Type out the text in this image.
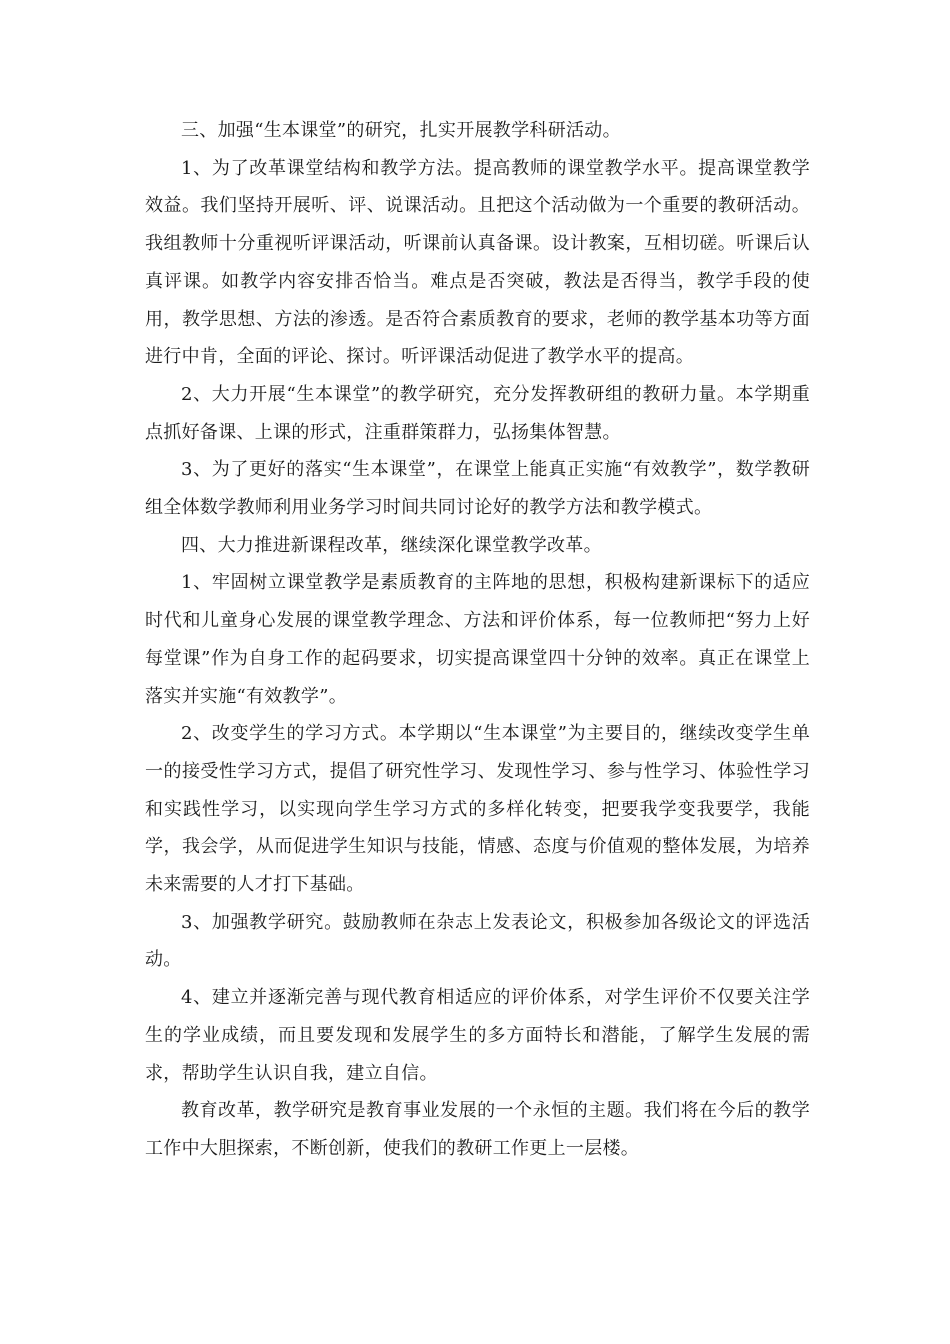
三、加强“生本课堂”的研究，扎实开展教学科研活动。

1、为了改革课堂结构和教学方法。提高教师的课堂教学水平。提高课堂教学效益。我们坚持开展听、评、说课活动。且把这个活动做为一个重要的教研活动。我组教师十分重视听评课活动，听课前认真备课。设计教案，互相切磋。听课后认真评课。如教学内容安排否恰当。难点是否突破，教法是否得当，教学手段的使用，教学思想、方法的渗透。是否符合素质教育的要求，老师的教学基本功等方面进行中肯，全面的评论、探讨。听评课活动促进了教学水平的提高。

2、大力开展“生本课堂”的教学研究，充分发挥教研组的教研力量。本学期重点抓好备课、上课的形式，注重群策群力，弘扬集体智慧。

3、为了更好的落实“生本课堂”，在课堂上能真正实施“有效教学”，数学教研组全体数学教师利用业务学习时间共同讨论好的教学方法和教学模式。

四、大力推进新课程改革，继续深化课堂教学改革。

1、牢固树立课堂教学是素质教育的主阵地的思想，积极构建新课标下的适应时代和儿童身心发展的课堂教学理念、方法和评价体系，每一位教师把“努力上好每堂课”作为自身工作的起码要求，切实提高课堂四十分钟的效率。真正在课堂上落实并实施“有效教学”。

2、改变学生的学习方式。本学期以“生本课堂”为主要目的，继续改变学生单一的接受性学习方式，提倡了研究性学习、发现性学习、参与性学习、体验性学习和实践性学习，以实现向学生学习方式的多样化转变，把要我学变我要学，我能学，我会学，从而促进学生知识与技能，情感、态度与价值观的整体发展，为培养未来需要的人才打下基础。

3、加强教学研究。鼓励教师在杂志上发表论文，积极参加各级论文的评选活动。

4、建立并逐渐完善与现代教育相适应的评价体系，对学生评价不仅要关注学生的学业成绩，而且要发现和发展学生的多方面特长和潜能，了解学生发展的需求，帮助学生认识自我，建立自信。

教育改革，教学研究是教育事业发展的一个永恒的主题。我们将在今后的教学工作中大胆探索，不断创新，使我们的教研工作更上一层楼。
